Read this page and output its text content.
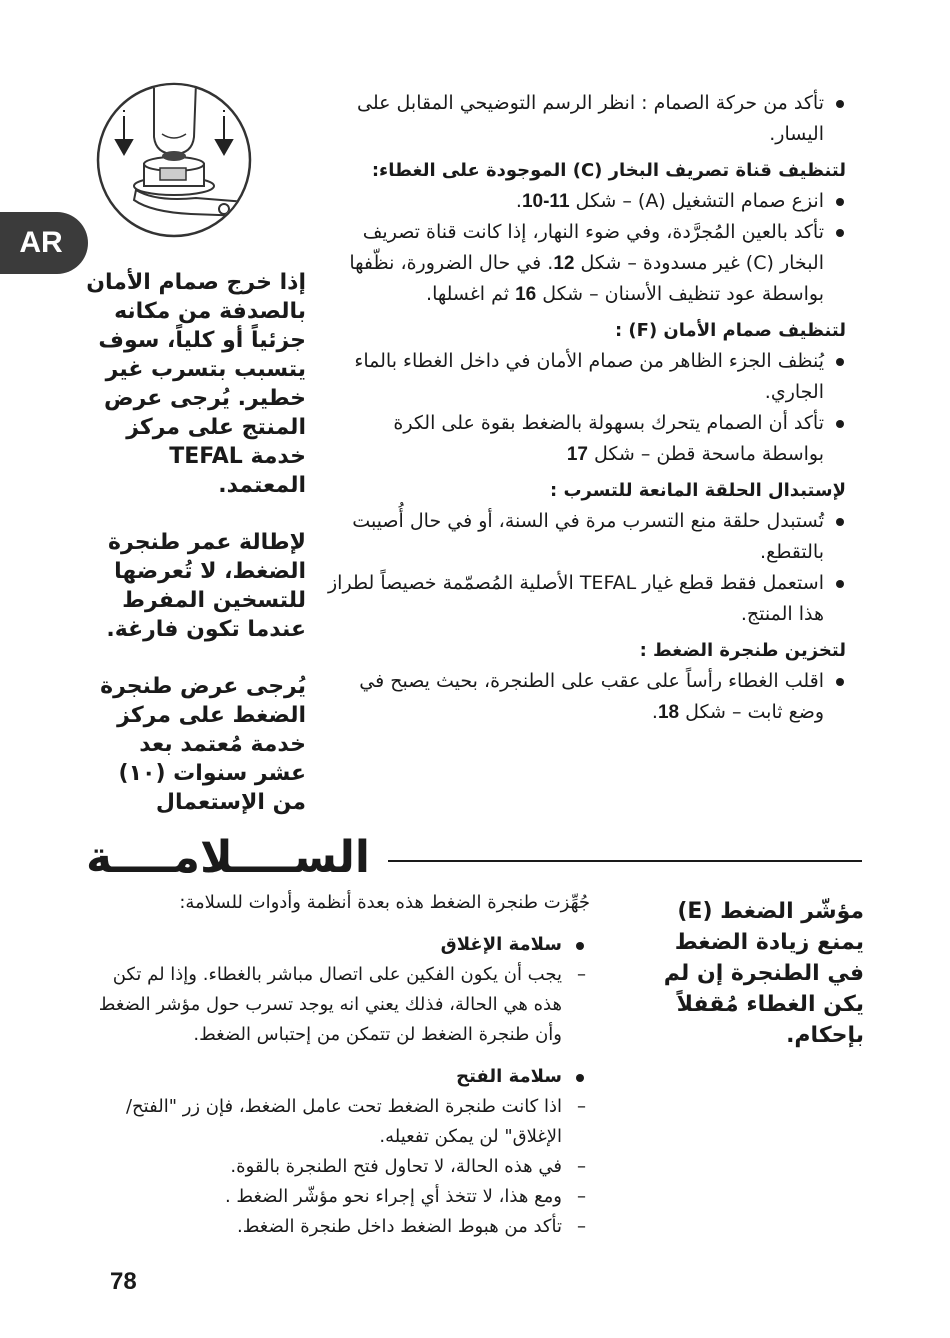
AR
تأكد من حركة الصمام : انظر الرسم التوضيحي المقابل على اليسار.
لتنظيف قناة تصريف البخار (C) الموجودة على الغطاء:
انزع صمام التشغيل (A) – شكل 11-10.
تأكد بالعين المُجرَّدة، وفي ضوء النهار، إذا كانت قناة تصريف البخار (C) غير مسدودة – شكل 12. في حال الضرورة، نظّفها بواسطة عود تنظيف الأسنان – شكل 16 ثم اغسلها.
لتنظيف صمام الأمان (F) :
يُنظف الجزء الظاهر من صمام الأمان في داخل الغطاء بالماء الجاري.
تأكد أن الصمام يتحرك بسهولة بالضغط بقوة على الكرة بواسطة ماسحة قطن – شكل 17
لإستبدال الحلقة المانعة للتسرب :
تُستبدل حلقة منع التسرب مرة في السنة، أو في حال أُصيبت بالتقطع.
استعمل فقط قطع غيار TEFAL الأصلية المُصمّمة خصيصاً لطراز هذا المنتج.
لتخزين طنجرة الضغط :
اقلب الغطاء رأساً على عقب على الطنجرة، بحيث يصبح في وضع ثابت – شكل 18.
إذا خرج صمام الأمان بالصدفة من مكانه جزئياً أو كلياً، سوف يتسبب بتسرب غير خطير. يُرجى عرض المنتج على مركز خدمة TEFAL المعتمد.
لإطالة عمر طنجرة الضغط، لا تُعرضها للتسخين المفرط عندما تكون فارغة.
يُرجى عرض طنجرة الضغط على مركز خدمة مُعتمد بعد عشر سنوات (١٠) من الإستعمال
الســــلامــــة
جُهِّزت طنجرة الضغط هذه بعدة أنظمة وأدوات للسلامة:
سلامة الإغلاق
– يجب أن يكون الفكين على اتصال مباشر بالغطاء. وإذا لم تكن هذه هي الحالة، فذلك يعني انه يوجد تسرب حول مؤشر الضغط وأن طنجرة الضغط لن تتمكن من إحتباس الضغط.
سلامة الفتح
– اذا كانت طنجرة الضغط تحت عامل الضغط، فإن زر "الفتح/الإغلاق" لن يمكن تفعيله.
– في هذه الحالة، لا تحاول فتح الطنجرة بالقوة.
– ومع هذا، لا تتخذ أي إجراء نحو مؤشّر الضغط .
– تأكد من هبوط الضغط داخل طنجرة الضغط.
مؤشّر الضغط (E) يمنع زيادة الضغط في الطنجرة إن لم يكن الغطاء مُقفلاً بإحكام.
78
